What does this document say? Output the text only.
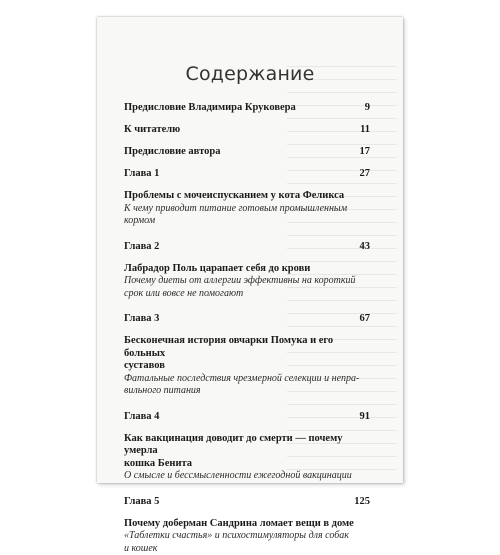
Содержание
Предисловие Владимира Круковера	9
К читателю	11
Предисловие автора	17
Глава 1	27
Проблемы с мочеиспусканием у кота Феликса
К чему приводит питание готовым промышленным
кормом
Глава 2	43
Лабрадор Поль царапает себя до крови
Почему диеты от аллергии эффективны на короткий
срок или вовсе не помогают
Глава 3	67
Бесконечная история овчарки Помука и его больных
суставов
Фатальные последствия чрезмерной селекции и непра-
вильного питания
Глава 4	91
Как вакцинация доводит до смерти — почему умерла
кошка Бенита
О смысле и бессмысленности ежегодной вакцинации
Глава 5	125
Почему доберман Сандрина ломает вещи в доме
«Таблетки счастья» и психостимуляторы для собак
и кошек
